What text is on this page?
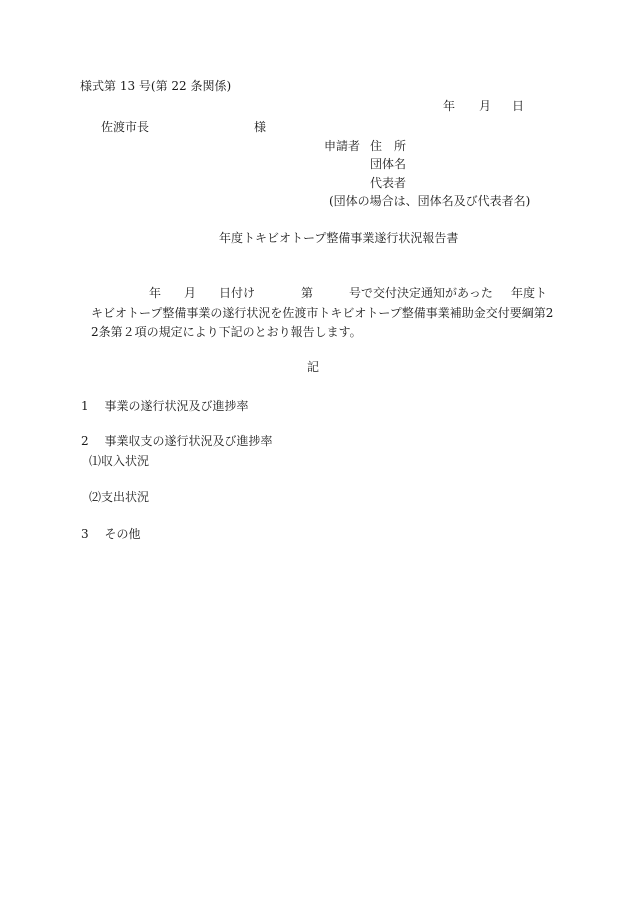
様式第 13 号(第 22 条関係)
年 月 日
佐渡市長	様
申請者 住　所
団体名
代表者
(団体の場合は、団体名及び代表者名)
年度トキビオトープ整備事業遂行状況報告書
年 月 日付け	第	号で交付決定通知があった 年度ト
キビオトープ整備事業の遂行状況を佐渡市トキビオトープ整備事業補助金交付要綱第2
2条第２項の規定により下記のとおり報告します。
記
1　 事業の遂行状況及び進捗率
2　 事業収支の遂行状況及び進捗率
⑴収入状況
⑵支出状況
3　 その他
